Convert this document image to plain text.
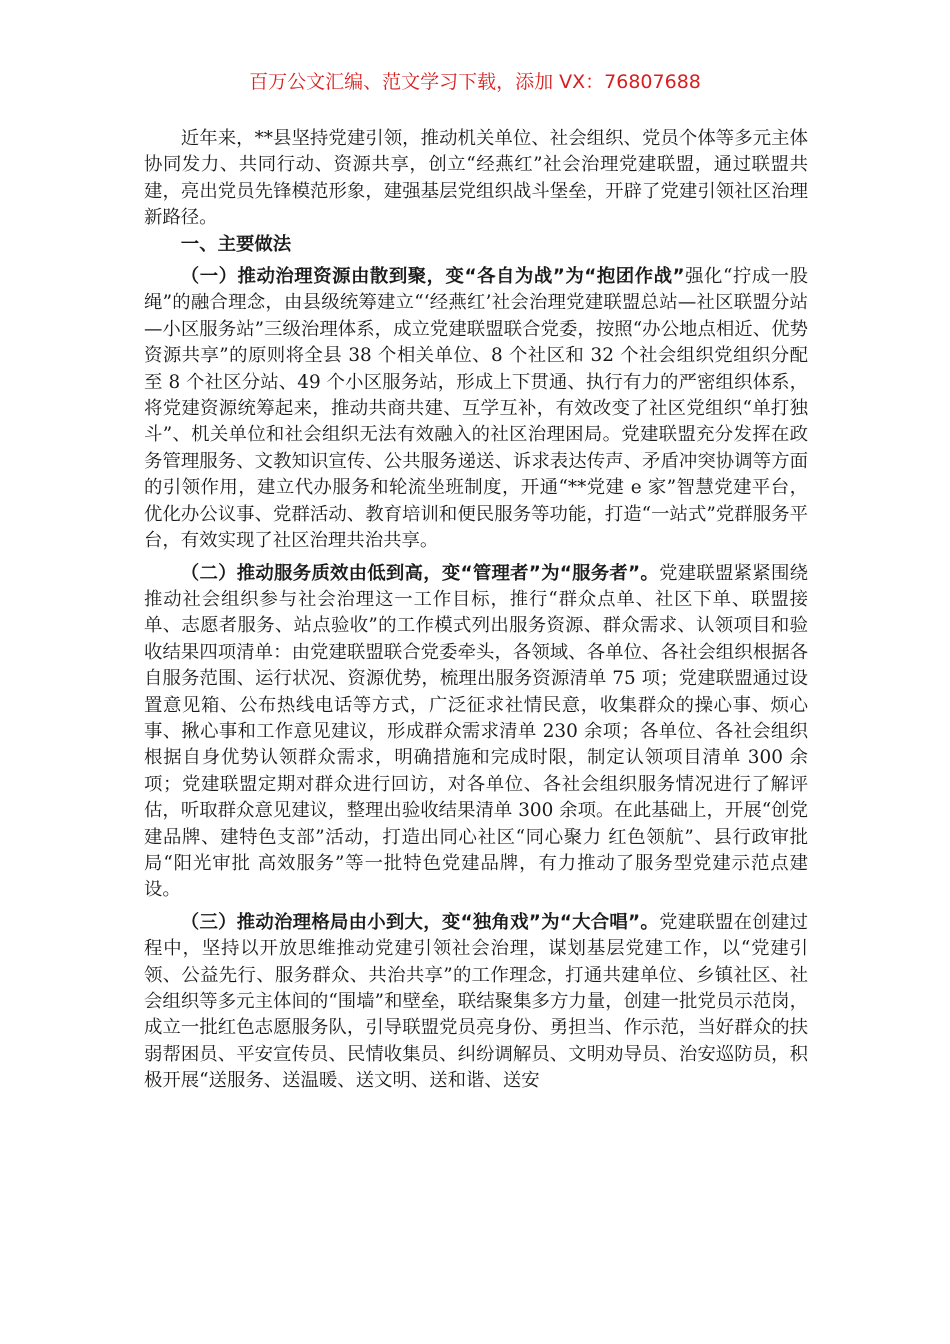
百万公文汇编、范文学习下载，添加 VX：76807688

近年来，**县坚持党建引领，推动机关单位、社会组织、党员个体等多元主体协同发力、共同行动、资源共享，创立“经燕红”社会治理党建联盟，通过联盟共建，亮出党员先锋模范形象，建强基层党组织战斗堡垒，开辟了党建引领社区治理新路径。

一、主要做法

（一）推动治理资源由散到聚，变“各自为战”为“抱团作战”强化“拧成一股绳”的融合理念，由县级统筹建立“‘经燕红’社会治理党建联盟总站—社区联盟分站—小区服务站”三级治理体系，成立党建联盟联合党委，按照“办公地点相近、优势资源共享”的原则将全县 38 个相关单位、8 个社区和 32 个社会组织党组织分配至 8 个社区分站、49 个小区服务站，形成上下贯通、执行有力的严密组织体系，将党建资源统筹起来，推动共商共建、互学互补，有效改变了社区党组织“单打独斗”、机关单位和社会组织无法有效融入的社区治理困局。党建联盟充分发挥在政务管理服务、文教知识宣传、公共服务递送、诉求表达传声、矛盾冲突协调等方面的引领作用，建立代办服务和轮流坐班制度，开通“**党建 e 家”智慧党建平台，优化办公议事、党群活动、教育培训和便民服务等功能，打造“一站式”党群服务平台，有效实现了社区治理共治共享。

（二）推动服务质效由低到高，变“管理者”为“服务者”。党建联盟紧紧围绕推动社会组织参与社会治理这一工作目标，推行“群众点单、社区下单、联盟接单、志愿者服务、站点验收”的工作模式列出服务资源、群众需求、认领项目和验收结果四项清单：由党建联盟联合党委牵头，各领域、各单位、各社会组织根据各自服务范围、运行状况、资源优势，梳理出服务资源清单 75 项；党建联盟通过设置意见箱、公布热线电话等方式，广泛征求社情民意，收集群众的操心事、烦心事、揪心事和工作意见建议，形成群众需求清单 230 余项；各单位、各社会组织根据自身优势认领群众需求，明确措施和完成时限，制定认领项目清单 300 余项；党建联盟定期对群众进行回访，对各单位、各社会组织服务情况进行了解评估，听取群众意见建议，整理出验收结果清单 300 余项。在此基础上，开展“创党建品牌、建特色支部”活动，打造出同心社区“同心聚力 红色领航”、县行政审批局“阳光审批 高效服务”等一批特色党建品牌，有力推动了服务型党建示范点建设。

（三）推动治理格局由小到大，变“独角戏”为“大合唱”。党建联盟在创建过程中，坚持以开放思维推动党建引领社会治理，谋划基层党建工作，以“党建引领、公益先行、服务群众、共治共享”的工作理念，打通共建单位、乡镇社区、社会组织等多元主体间的“围墙”和壁垒，联结聚集多方力量，创建一批党员示范岗，成立一批红色志愿服务队，引导联盟党员亮身份、勇担当、作示范，当好群众的扶弱帮困员、平安宣传员、民情收集员、纠纷调解员、文明劝导员、治安巡防员，积极开展“送服务、送温暖、送文明、送和谐、送安
